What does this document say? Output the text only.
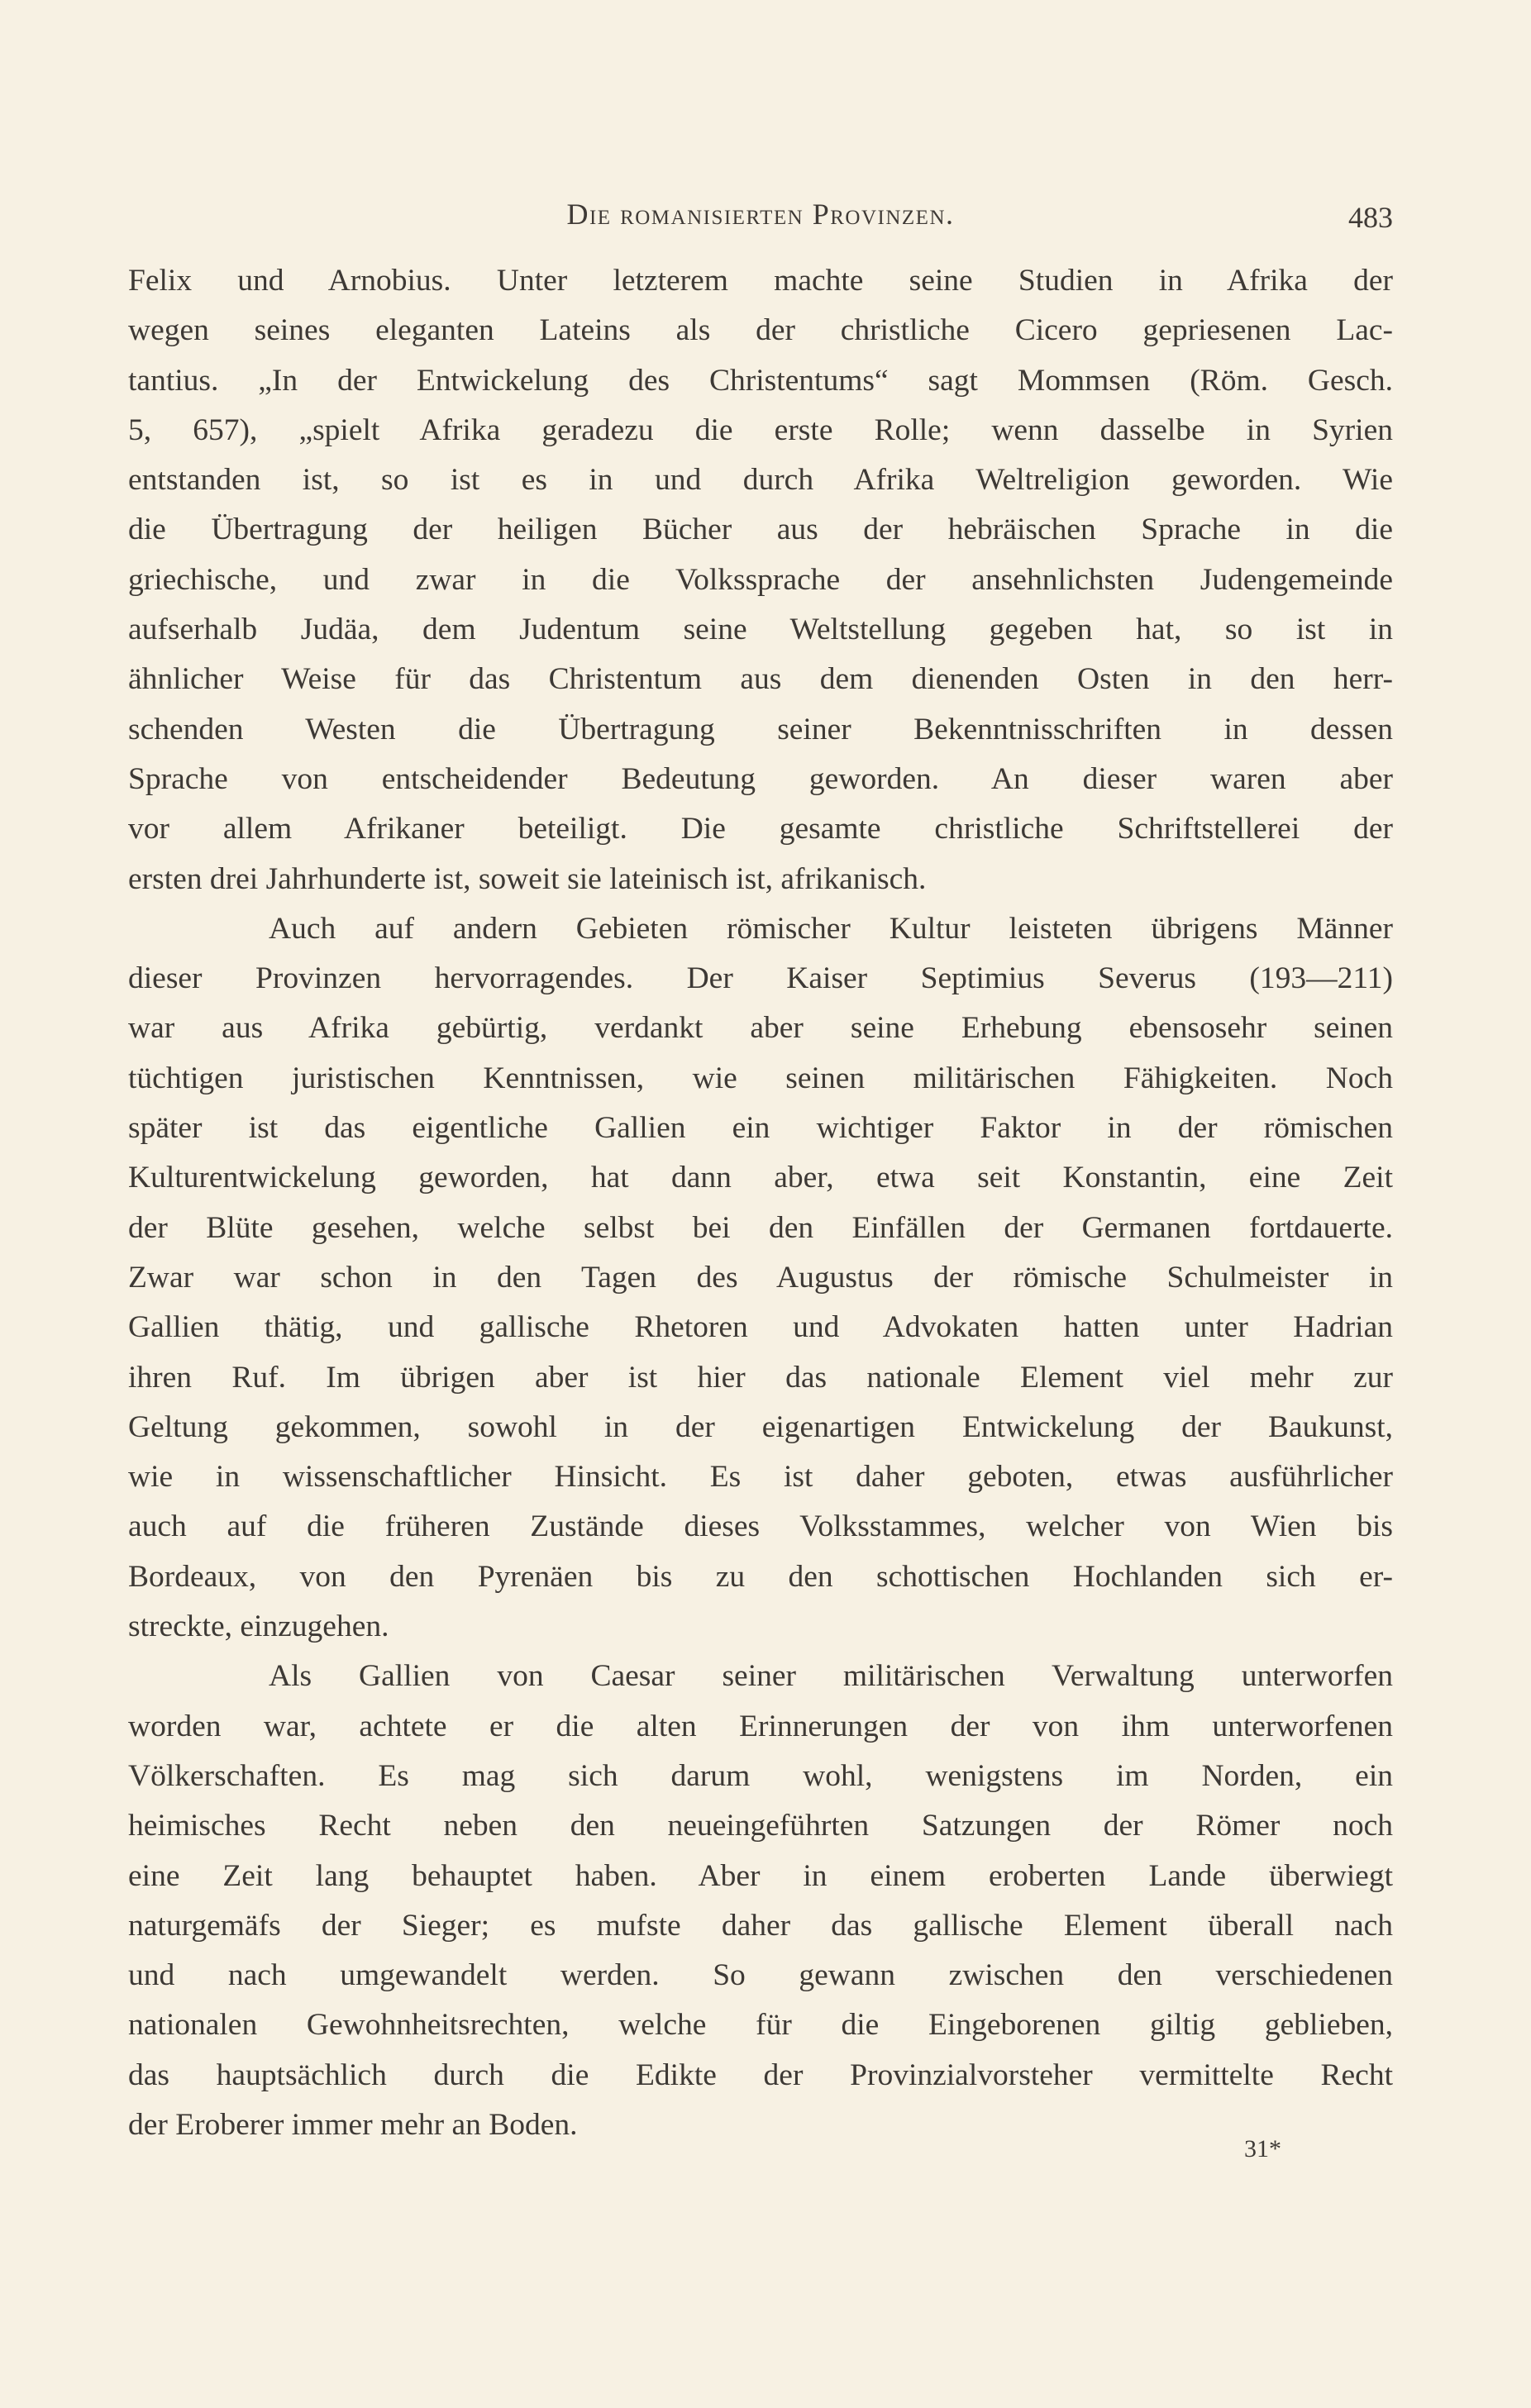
Die romanisierten Provinzen.	483
Felix und Arnobius. Unter letzterem machte seine Studien in Afrika der
wegen seines eleganten Lateins als der christliche Cicero gepriesenen Lac-
tantius. „In der Entwickelung des Christentums“ sagt Mommsen (Röm. Gesch.
5, 657), „spielt Afrika geradezu die erste Rolle; wenn dasselbe in Syrien
entstanden ist, so ist es in und durch Afrika Weltreligion geworden. Wie
die Übertragung der heiligen Bücher aus der hebräischen Sprache in die
griechische, und zwar in die Volkssprache der ansehnlichsten Judengemeinde
aufserhalb Judäa, dem Judentum seine Weltstellung gegeben hat, so ist in
ähnlicher Weise für das Christentum aus dem dienenden Osten in den herr-
schenden Westen die Übertragung seiner Bekenntnisschriften in dessen
Sprache von entscheidender Bedeutung geworden. An dieser waren aber
vor allem Afrikaner beteiligt. Die gesamte christliche Schriftstellerei der
ersten drei Jahrhunderte ist, soweit sie lateinisch ist, afrikanisch.
Auch auf andern Gebieten römischer Kultur leisteten übrigens Männer
dieser Provinzen hervorragendes. Der Kaiser Septimius Severus (193—211)
war aus Afrika gebürtig, verdankt aber seine Erhebung ebensosehr seinen
tüchtigen juristischen Kenntnissen, wie seinen militärischen Fähigkeiten. Noch
später ist das eigentliche Gallien ein wichtiger Faktor in der römischen
Kulturentwickelung geworden, hat dann aber, etwa seit Konstantin, eine Zeit
der Blüte gesehen, welche selbst bei den Einfällen der Germanen fortdauerte.
Zwar war schon in den Tagen des Augustus der römische Schulmeister in
Gallien thätig, und gallische Rhetoren und Advokaten hatten unter Hadrian
ihren Ruf. Im übrigen aber ist hier das nationale Element viel mehr zur
Geltung gekommen, sowohl in der eigenartigen Entwickelung der Baukunst,
wie in wissenschaftlicher Hinsicht. Es ist daher geboten, etwas ausführlicher
auch auf die früheren Zustände dieses Volksstammes, welcher von Wien bis
Bordeaux, von den Pyrenäen bis zu den schottischen Hochlanden sich er-
streckte, einzugehen.
Als Gallien von Caesar seiner militärischen Verwaltung unterworfen
worden war, achtete er die alten Erinnerungen der von ihm unterworfenen
Völkerschaften. Es mag sich darum wohl, wenigstens im Norden, ein
heimisches Recht neben den neueingeführten Satzungen der Römer noch
eine Zeit lang behauptet haben. Aber in einem eroberten Lande überwiegt
naturgemäfs der Sieger; es mufste daher das gallische Element überall nach
und nach umgewandelt werden. So gewann zwischen den verschiedenen
nationalen Gewohnheitsrechten, welche für die Eingeborenen giltig geblieben,
das hauptsächlich durch die Edikte der Provinzialvorsteher vermittelte Recht
der Eroberer immer mehr an Boden.
31*
